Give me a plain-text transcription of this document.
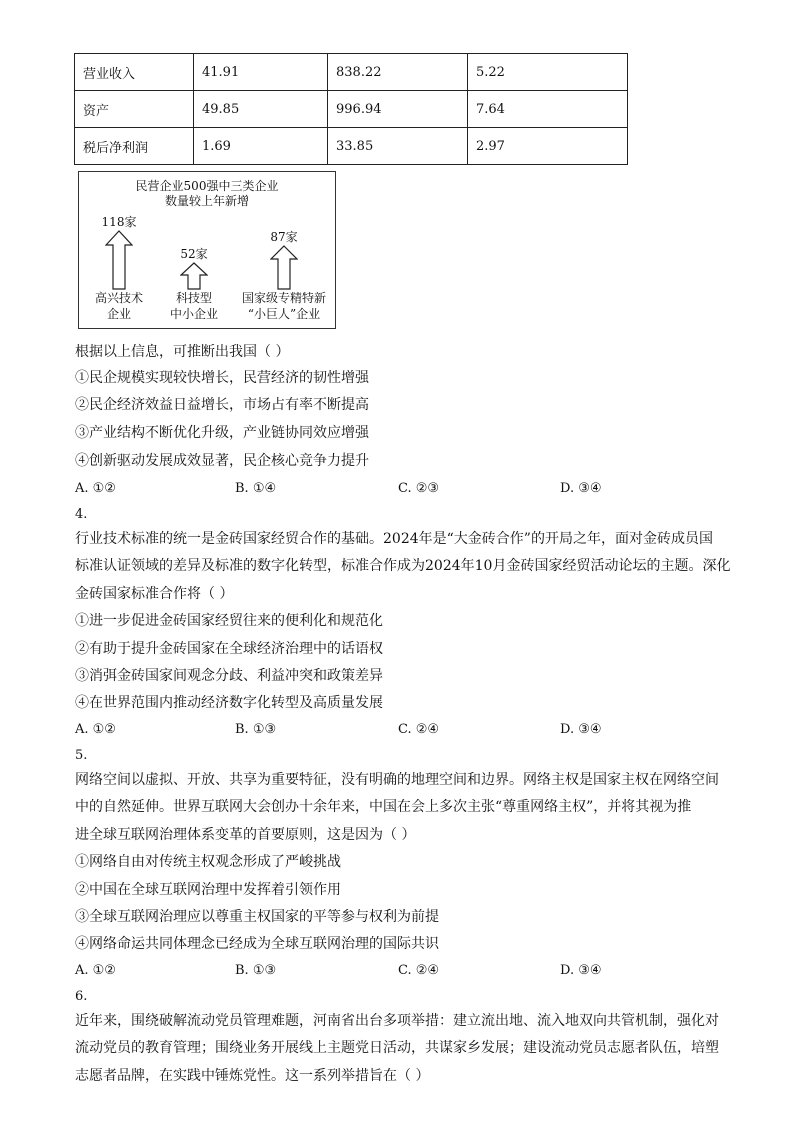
营业收入	41.91	838.22	5.22
资产	49.85	996.94	7.64
税后净利润	1.69	33.85	2.97
民营企业500强中三类企业
数量较上年新增
118家
高兴技术
企业
52家
科技型
中小企业
87家
国家级专精特新
“小巨人”企业
根据以上信息，可推断出我国（ ）
①民企规模实现较快增长，民营经济的韧性增强
②民企经济效益日益增长，市场占有率不断提高
③产业结构不断优化升级，产业链协同效应增强
④创新驱动发展成效显著，民企核心竞争力提升
A. ①②	B. ①④	C. ②③	D. ③④
4.
行业技术标准的统一是金砖国家经贸合作的基础。2024年是“大金砖合作”的开局之年，面对金砖成员国
标准认证领域的差异及标准的数字化转型，标准合作成为2024年10月金砖国家经贸活动论坛的主题。深化
金砖国家标准合作将（ ）
①进一步促进金砖国家经贸往来的便利化和规范化
②有助于提升金砖国家在全球经济治理中的话语权
③消弭金砖国家间观念分歧、利益冲突和政策差异
④在世界范围内推动经济数字化转型及高质量发展
A. ①②	B. ①③	C. ②④	D. ③④
5.
网络空间以虚拟、开放、共享为重要特征，没有明确的地理空间和边界。网络主权是国家主权在网络空间
中的自然延伸。世界互联网大会创办十余年来，中国在会上多次主张“尊重网络主权”，并将其视为推
进全球互联网治理体系变革的首要原则，这是因为（ ）
①网络自由对传统主权观念形成了严峻挑战
②中国在全球互联网治理中发挥着引领作用
③全球互联网治理应以尊重主权国家的平等参与权利为前提
④网络命运共同体理念已经成为全球互联网治理的国际共识
A. ①②	B. ①③	C. ②④	D. ③④
6.
近年来，围绕破解流动党员管理难题，河南省出台多项举措：建立流出地、流入地双向共管机制，强化对
流动党员的教育管理；围绕业务开展线上主题党日活动，共谋家乡发展；建设流动党员志愿者队伍，培塑
志愿者品牌，在实践中锤炼党性。这一系列举措旨在（ ）
